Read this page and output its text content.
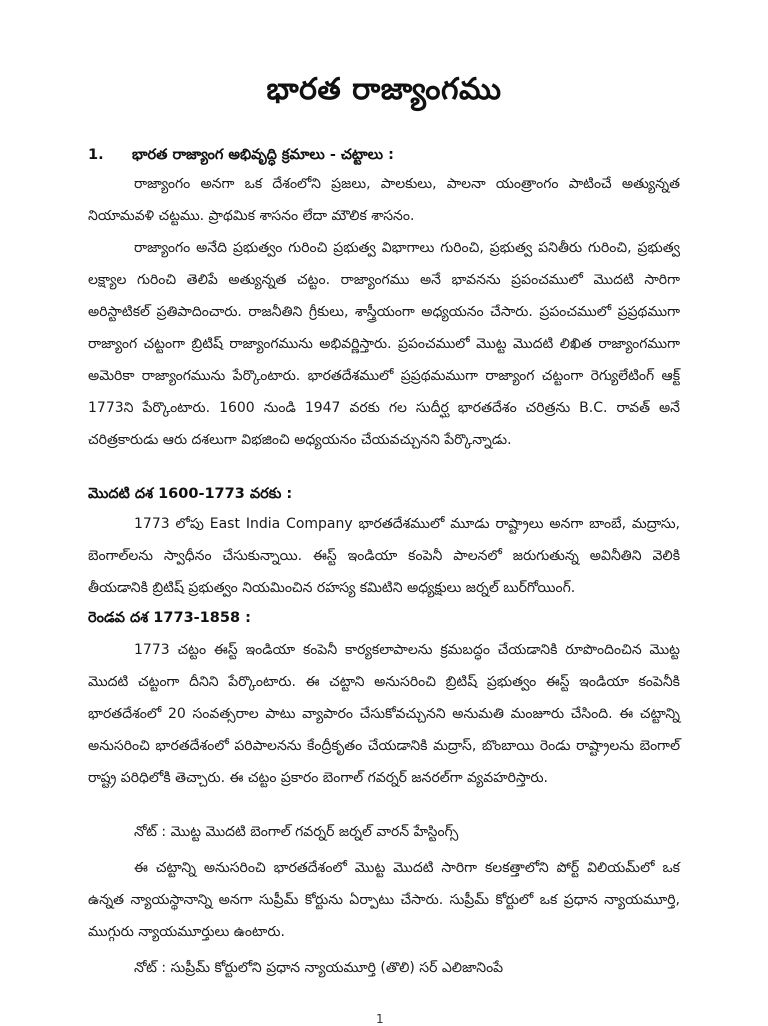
భారత రాజ్యాంగము
1. భారత రాజ్యాంగ అభివృద్ధి క్రమాలు - చట్టాలు :

రాజ్యాంగం అనగా ఒక దేశంలోని ప్రజలు, పాలకులు, పాలనా యంత్రాంగం పాటించే అత్యున్నత నియామవళి చట్టము. ప్రాథమిక శాసనం లేదా మౌలిక శాసనం.

రాజ్యాంగం అనేది ప్రభుత్వం గురించి ప్రభుత్వ విభాగాలు గురించి, ప్రభుత్వ పనితీరు గురించి, ప్రభుత్వ లక్ష్యాల గురించి తెలిపే అత్యున్నత చట్టం. రాజ్యాంగము అనే భావనను ప్రపంచములో మొదటి సారిగా అరిస్టాటికల్ ప్రతిపాదించారు. రాజనీతిని గ్రీకులు, శాస్త్రీయంగా అధ్యయనం చేసారు. ప్రపంచములో ప్రప్రథముగా రాజ్యాంగ చట్టంగా బ్రిటిష్ రాజ్యాంగమును అభివర్ణిస్తారు. ప్రపంచములో మొట్ట మొదటి లిఖిత రాజ్యాంగముగా అమెరికా రాజ్యాంగమును పేర్కొంటారు. భారతదేశములో ప్రప్రథమముగా రాజ్యాంగ చట్టంగా రెగ్యులేటింగ్ ఆక్ట్ 1773ని పేర్కొంటారు. 1600 నుండి 1947 వరకు గల సుదీర్ఘ భారతదేశం చరిత్రను B.C. రావత్ అనే చరిత్రకారుడు ఆరు దశలుగా విభజించి అధ్యయనం చేయవచ్చునని పేర్కొన్నాడు.

మొదటి దశ 1600-1773 వరకు :

1773 లోపు East India Company భారతదేశములో మూడు రాష్ట్రాలు అనగా బాంబే, మద్రాసు, బెంగాల్‌లను స్వాధీనం చేసుకున్నాయి. ఈస్ట్ ఇండియా కంపెనీ పాలనలో జరుగుతున్న అవినీతిని వెలికి తీయడానికి బ్రిటిష్ ప్రభుత్వం నియమించిన రహస్య కమిటిని అధ్యక్షులు జర్నల్ బుర్‌గోయింగ్.

రెండవ దశ 1773-1858 :

1773 చట్టం ఈస్ట్ ఇండియా కంపెనీ కార్యకలాపాలను క్రమబద్ధం చేయడానికి రూపొందించిన మొట్ట మొదటి చట్టంగా దీనిని పేర్కొంటారు. ఈ చట్టాని అనుసరించి బ్రిటిష్ ప్రభుత్వం ఈస్ట్ ఇండియా కంపెనీకి భారతదేశంలో 20 సంవత్సరాల పాటు వ్యాపారం చేసుకోవచ్చునని అనుమతి మంజూరు చేసింది. ఈ చట్టాన్ని అనుసరించి భారతదేశంలో పరిపాలనను కేంద్రీకృతం చేయడానికి మద్రాస్, బొంబాయి రెండు రాష్ట్రాలను బెంగాల్ రాష్ట్ర పరిధిలోకి తెచ్చారు. ఈ చట్టం ప్రకారం బెంగాల్ గవర్నర్ జనరల్‌గా వ్యవహరిస్తారు.

నోట్ : మొట్ట మొదటి బెంగాల్ గవర్నర్ జర్నల్ వారన్ హేస్టింగ్స్

ఈ చట్టాన్ని అనుసరించి భారతదేశంలో మొట్ట మొదటి సారిగా కలకత్తాలోని పోర్ట్ విలియమ్‌లో ఒక ఉన్నత న్యాయస్థానాన్ని అనగా సుప్రీమ్ కోర్టును ఏర్పాటు చేసారు. సుప్రీమ్ కోర్టులో ఒక ప్రధాన న్యాయమూర్తి, ముగ్గురు న్యాయమూర్తులు ఉంటారు.

నోట్ : సుప్రీమ్ కోర్టులోని ప్రధాన న్యాయమూర్తి (తొలి) సర్ ఎలిజానింపే
1
